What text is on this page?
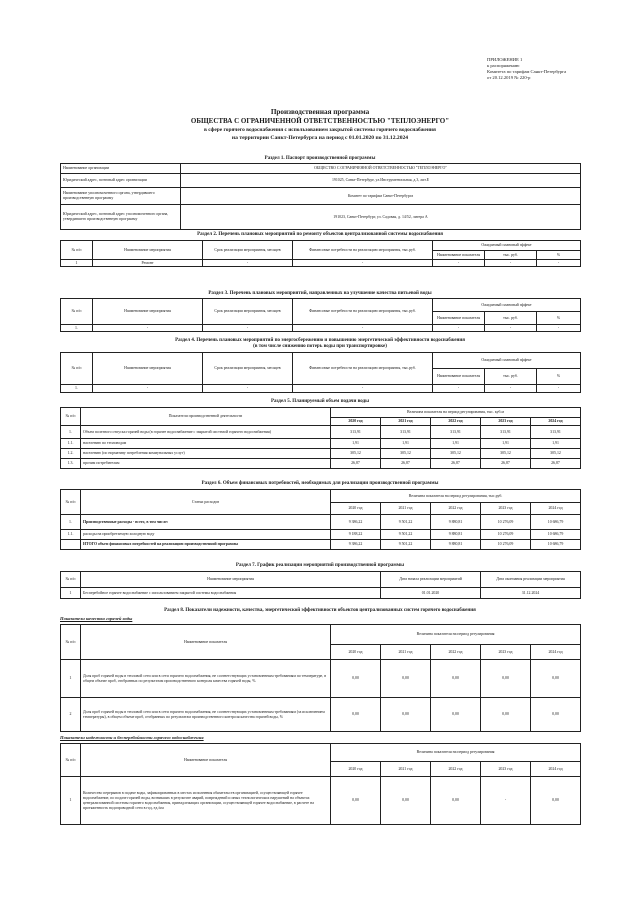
ПРИЛОЖЕНИЕ 1
к распоряжению
Комитета по тарифам Санкт-Петербурга
от 20.12.2019 № 220-р
Производственная программа
ОБЩЕСТВА С ОГРАНИЧЕННОЙ ОТВЕТСТВЕННОСТЬЮ "ТЕПЛОЭНЕРГО"
в сфере горячего водоснабжения с использованием закрытой системы горячего водоснабжения
на территории Санкт-Петербурга на период с 01.01.2020 по 31.12.2024
Раздел 1. Паспорт производственной программы
Наименование организации	ОБЩЕСТВО С ОГРАНИЧЕННОЙ ОТВЕТСТВЕННОСТЬЮ "ТЕПЛОЭНЕРГО"
Юридический адрес, почтовый адрес организации	191025, Санкт-Петербург, ул.Инструментальная, д.3, лит.Е
Наименование уполномоченного органа, утвердившего производственную программу	Комитет по тарифам Санкт-Петербурга
Юридический адрес, почтовый адрес уполномоченного органа, утвердившего производственную программу	191023, Санкт-Петербург, ул. Садовая, д. 14/52, литера А
Раздел 2. Перечень плановых мероприятий по ремонту объектов централизованной системы водоснабжения
№ п/п	Наименование мероприятия	Срок реализации мероприятия, месяцев	Финансовые потребности на реализацию мероприятия, тыс.руб.	Ожидаемый плановый эффект		
				Наименование показателя	тыс. руб.	%
1	Ремонт	-	-	-	-	-
Раздел 3. Перечень плановых мероприятий, направленных на улучшение качества питьевой воды
№ п/п	Наименование мероприятия	Срок реализации мероприятия, месяцев	Финансовые потребности на реализацию мероприятия, тыс.руб.	Ожидаемый плановый эффект		
				Наименование показателя	тыс. руб.	%
1.	-	-	-	-	-	-
Раздел 4. Перечень плановых мероприятий по энергосбережению и повышению энергетической эффективности водоснабжения
(в том числе снижению потерь воды при транспортировке)
№ п/п	Наименование мероприятия	Срок реализации мероприятия, месяцев	Финансовые потребности на реализацию мероприятия, тыс.руб.	Ожидаемый плановый эффект		
				Наименование показателя	тыс. руб.	%
1.	-	-	-	-	-	-
Раздел 5. Планируемый объем подачи воды
№ п/п	Показатели производственной деятельности	Величина показателя на период регулирования, тыс. куб.м				
		2020 год	2021 год	2022 год	2023 год	2024 год
1.	Объем полезного отпуска горячей воды (в горячее водоснабжение с закрытой системой горячего водоснабжения)	313,91	313,91	313,91	313,91	313,91
1.1.	населению по тепловодам	1,91	1,91	1,91	1,91	1,91
1.2.	населению (по нормативу потребления коммунальных услуг)	305,12	305,12	305,12	305,12	305,12
1.3.	прочим потребителям	26,87	26,87	26,87	26,87	26,87
Раздел 6. Объем финансовых потребностей, необходимых для реализации производственной программы
№ п/п	Статьи расходов	Величина показателя на период регулирования, тыс.руб.				
		2020 год	2021 год	2022 год	2023 год	2024 год
1.	Производственные расходы - всего, в том числе:	9 386,22	9 501,22	9 880,81	10 276,09	10 686,79
1.1.	расходы на приобретаемую холодную воду	9 188,22	9 501,22	9 880,81	10 276,09	10 686,79
	ИТОГО объем финансовых потребностей на реализацию производственной программы	9 386,22	9 501,22	9 880,81	10 276,09	10 686,79
Раздел 7. График реализации мероприятий производственной программы
№ п/п	Наименование мероприятия	Дата начала реализации мероприятий	Дата окончания реализации мероприятия
1	Бесперебойное горячее водоснабжение с использованием закрытой системы водоснабжения	01.01.2020	31.12.2024
Раздел 8. Показатели надежности, качества, энергетической эффективности объектов централизованных систем горячего водоснабжения
Показатели качества горячей воды
№ п/п	Наименование показателя	Величина показателя на период регулирования				
		2020 год	2021 год	2022 год	2023 год	2024 год
1	Доля проб горячей воды в тепловой сети или в сети горячего водоснабжения, не соответствующих установленным требованиям по температуре, в общем объеме проб, отобранных по результатам производственного контроля качества горячей воды, %	0,00	0,00	0,00	0,00	0,00
2	Доля проб горячей воды в тепловой сети или в сети горячего водоснабжения, не соответствующих установленным требованиям (за исключением температуры), в общем объеме проб, отобранных по результатам производственного контроля качества горячей воды, %	0,00	0,00	0,00	0,00	0,00
Показатели надежности и бесперебойности горячего водоснабжения
№ п/п	Наименование показателя	Величина показателя на период регулирования				
		2020 год	2021 год	2022 год	2023 год	2024 год
1	Количество перерывов в подаче воды, зафиксированных в местах исполнения обязательств организацией, осуществляющей горячее водоснабжение, по подаче горячей воды, возникших в результате аварий, повреждений и иных технологических нарушений на объектах централизованной системы горячего водоснабжения, принадлежащих организации, осуществляющей горячее водоснабжение, в расчете на протяженность водопроводной сети в год, ед./км	0,00	0,00	0,00	-	0,00
